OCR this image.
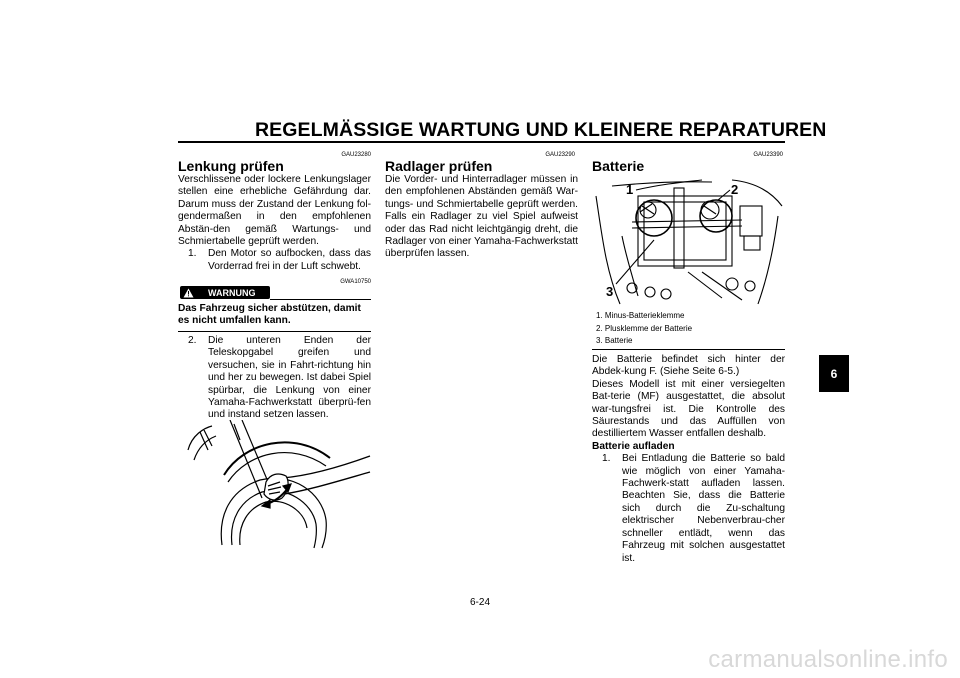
REGELMÄSSIGE WARTUNG UND KLEINERE REPARATUREN
GAU23280
Lenkung prüfen

Verschlissene oder lockere Lenkungslager stellen eine erhebliche Gefährdung dar. Darum muss der Zustand der Lenkung fol-gendermaßen in den empfohlenen Abstän-den gemäß Wartungs- und Schmiertabelle geprüft werden.

1.	Den Motor so aufbocken, dass das Vorderrad frei in der Luft schwebt.
GWA10750
WARNUNG
Das Fahrzeug sicher abstützen, damit es nicht umfallen kann.
2.	Die unteren Enden der Teleskopgabel greifen und versuchen, sie in Fahrt-richtung hin und her zu bewegen. Ist dabei Spiel spürbar, die Lenkung von einer Yamaha-Fachwerkstatt überprü-fen und instand setzen lassen.
GAU23290
Radlager prüfen
Die Vorder- und Hinterradlager müssen in den empfohlenen Abständen gemäß War-tungs- und Schmiertabelle geprüft werden. Falls ein Radlager zu viel Spiel aufweist oder das Rad nicht leichtgängig dreht, die Radlager von einer Yamaha-Fachwerkstatt überprüfen lassen.
GAU23390
Batterie
1	2
3
1. Minus-Batterieklemme
2. Plusklemme der Batterie
3. Batterie

Die Batterie befindet sich hinter der Abdek-kung F. (Siehe Seite 6-5.)

Dieses Modell ist mit einer versiegelten Bat-terie (MF) ausgestattet, die absolut war-tungsfrei ist. Die Kontrolle des Säurestands und das Auffüllen von destilliertem Wasser entfallen deshalb.

Batterie aufladen

1.	Bei Entladung die Batterie so bald wie möglich von einer Yamaha-Fachwerk-statt aufladen lassen. Beachten Sie, dass die Batterie sich durch die Zu-schaltung elektrischer Nebenverbrau-cher schneller entlädt, wenn das Fahrzeug mit solchen ausgestattet ist.
6
6-24
carmanualsonline.info
